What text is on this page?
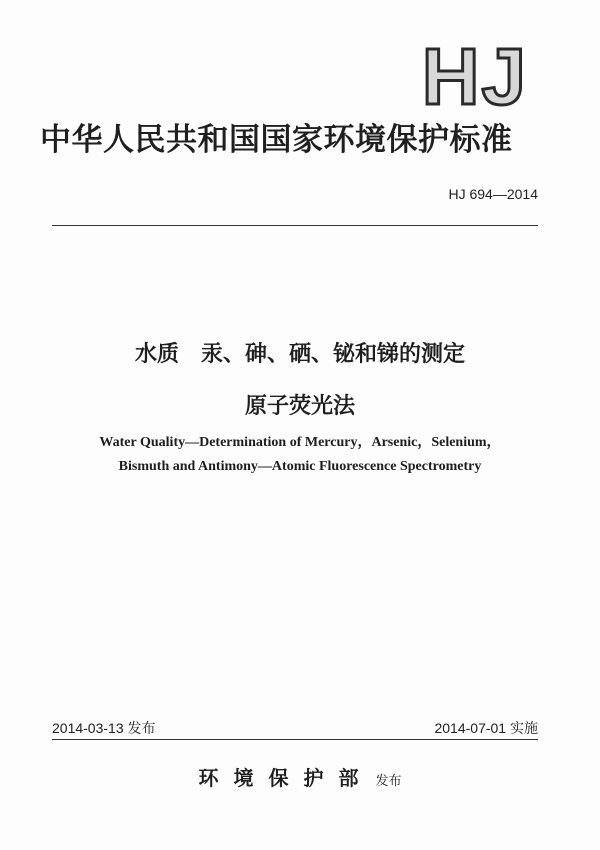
HJ
中华人民共和国国家环境保护标准
HJ 694—2014
水质　汞、砷、硒、铋和锑的测定
原子荧光法
Water Quality—Determination of Mercury，Arsenic，Selenium，
Bismuth and Antimony—Atomic Fluorescence Spectrometry
2014-03-13 发布	2014-07-01 实施
环境保护部 发布
